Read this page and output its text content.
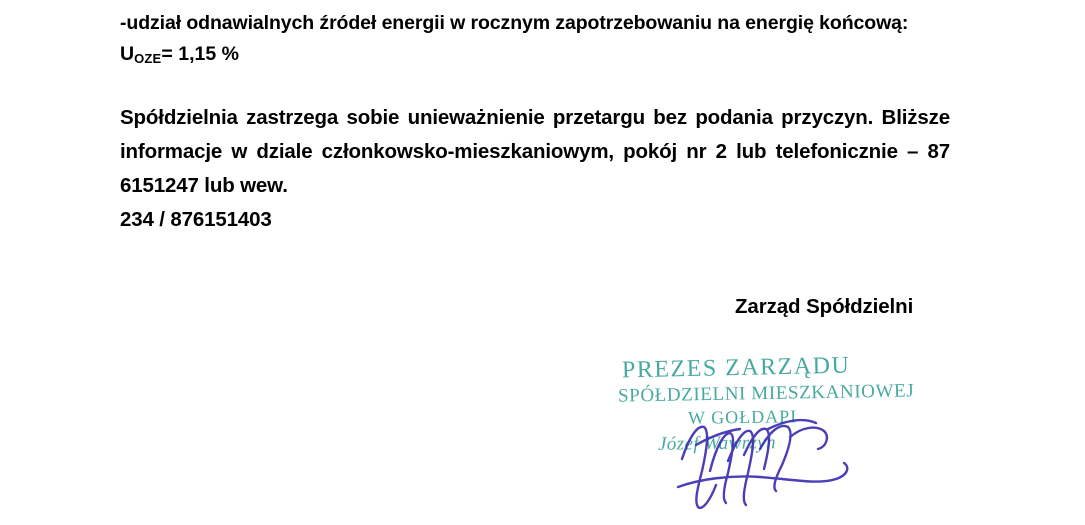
-udział odnawialnych źródeł energii w rocznym zapotrzebowaniu na energię końcową:

UOZE= 1,15 %

Spółdzielnia zastrzega sobie unieważnienie przetargu bez podania przyczyn. Bliższe informacje w dziale członkowsko-mieszkaniowym, pokój nr 2 lub telefonicznie – 87 6151247 lub wew.
234 / 876151403

Zarząd Spółdzielni
PREZES ZARZĄDU
SPÓŁDZIELNI MIESZKANIOWEJ
W GOŁDAPI
Józef Wawrzyn
